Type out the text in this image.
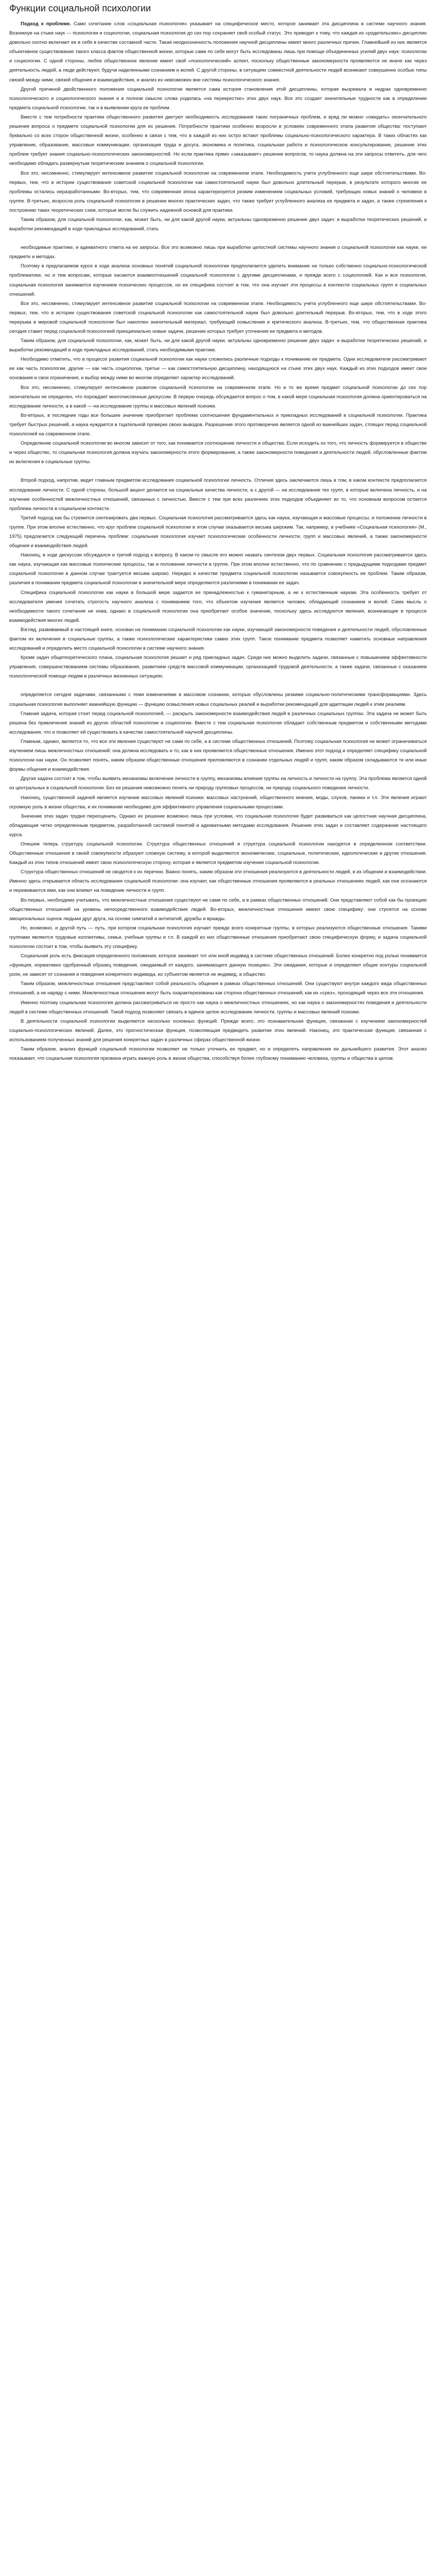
Функции социальной психологии

Подход к проблеме. Само сочетание слов «социальная психология» указывает на специфическое место, которое занимает эта дисциплина в системе научного знания. Возникнув на стыке наук — психологии и социологии, социальная психология до сих пор сохраняет свой особый статус. Это приводит к тому, что каждая из «родительских» дисциплин довольно охотно включает ее в себя в качестве составной части. Такая неоднозначность положения научной дисциплины имеет много различных причин. Главнейшей из них является объективное существование такого класса фактов общественной жизни, которые сами по себе могут быть исследованы лишь при помощи объединенных усилий двух наук: психологии и социологии. С одной стороны, любое общественное явление имеет свой «психологический» аспект, поскольку общественные закономерности проявляются не иначе как через деятельность людей, а люди действуют, будучи наделенными сознанием и волей. С другой стороны, в ситуациях совместной деятельности людей возникают совершенно особые типы связей между ними, связей общения и взаимодействия, и анализ их невозможен вне системы психологического знания.

Другой причиной двойственного положения социальной психологии является сама история становления этой дисциплины, которая вызревала в недрах одновременно психологического и социологического знания и в полном смысле слова родилась «на перекрестке» этих двух наук. Все это создает значительные трудности как в определении предмета социальной психологии, так и в выявлении круга ее проблем.

Вместе с тем потребности практики общественного развития диктуют необходимость исследования таких пограничных проблем, и вряд ли можно «ожидать» окончательного решения вопроса о предмете социальной психологии для их решения. Потребности практики особенно возросли в условиях современного этапа развития общества: поступают буквально со всех сторон общественной жизни, особенно в связи с тем, что в каждой из них остро встают проблемы социально-психологического характера. В таких областях как управление, образование, массовые коммуникации, организация труда и досуга, экономика и политика, социальная работа и психологическое консультирование, решение этих проблем требует знания социально-психологических закономерностей. Но если практика прямо «заказывает» решение вопросов, то наука должна на эти запросы ответить, для чего необходимо обладать развернутым теоретическим знанием о социальной психологии.

Все это, несомненно, стимулирует интенсивное развитие социальной психологии на современном этапе. Необходимость учета углубленного еще шире обстоятельствами. Во-первых, тем, что в истории существования советской социальной психологии как самостоятельной науки был довольно длительный перерыв, в результате которого многие ее проблемы остались неразработанными. Во-вторых, тем, что современная эпоха характеризуется резким изменением социальных условий, требующих новых знаний о человеке в группе. В-третьих, возросла роль социальной психологии в решении многих практических задач, что также требует углубленного анализа ее предмета и задач, а также стремления к построению таких теоретических схем, которые могли бы служить надежной основой для практики.

Таким образом, для социальной психологии, как, может быть, ни для какой другой науки, актуальны одновременно решение двух задач: и выработки теоретических решений, и выработки рекомендаций в ходе прикладных исследований, стать

необходимые практике, и адекватного ответа на ее запросы. Все это возможно лишь при выработке целостной системы научного знания о социальной психологии как науке, ее предмете и методах.

Поэтому в предлагаемом курсе в ходе анализа основных понятий социальной психологии предполагается уделить внимание не только собственно социально-психологической проблематике, но и тем вопросам, которые касаются взаимоотношений социальной психологии с другими дисциплинами, и прежде всего с социологией. Как и вся психология, социальная психология занимается изучением психических процессов, но ее специфика состоит в том, что она изучает эти процессы в контексте социальных групп и социальных отношений.

Все это, несомненно, стимулирует интенсивное развитие социальной психологии на современном этапе. Необходимость учета углубленного еще шире обстоятельствами. Во-первых, тем, что в истории существования советской социальной психологии как самостоятельной науки был довольно длительный перерыв. Во-вторых, тем, что в ходе этого перерыва в мировой социальной психологии был накоплен значительный материал, требующий осмысления и критического анализа. В-третьих, тем, что общественная практика сегодня ставит перед социальной психологией принципиально новые задачи, решение которых требует уточнения ее предмета и методов.

Таким образом, для социальной психологии, как, может быть, ни для какой другой науки, актуальны одновременно решение двух задач: и выработки теоретических решений, и выработки рекомендаций в ходе прикладных исследований, стать необходимыми практике.

Необходимо отметить, что в процессе развития социальной психологии как науки сложились различные подходы к пониманию ее предмета. Одни исследователи рассматривают ее как часть психологии, другие — как часть социологии, третьи — как самостоятельную дисциплину, находящуюся на стыке этих двух наук. Каждый из этих подходов имеет свои основания и свои ограничения, и выбор между ними во многом определяет характер исследований.

Все это, несомненно, стимулирует интенсивное развитие социальной психологии на современном этапе. Но в то же время предмет социальной психологии до сих пор окончательно не определен, что порождает многочисленные дискуссии. В первую очередь обсуждается вопрос о том, в какой мере социальная психология должна ориентироваться на исследование личности, а в какой — на исследование группы и массовых явлений психики.

Во-вторых, в последние годы все большее значение приобретает проблема соотношения фундаментальных и прикладных исследований в социальной психологии. Практика требует быстрых решений, а наука нуждается в тщательной проверке своих выводов. Разрешение этого противоречия является одной из важнейших задач, стоящих перед социальной психологией на современном этапе.

Определение социальной психологии во многом зависит от того, как понимается соотношение личности и общества. Если исходить из того, что личность формируется в обществе и через общество, то социальная психология должна изучать закономерности этого формирования, а также закономерности поведения и деятельности людей, обусловленные фактом их включения в социальные группы.

Второй подход, напротив, видит главным предметом исследования социальной психологии личность. Отличия здесь заключаются лишь в том, в каком контексте предполагается исследование личности. С одной стороны, большой акцент делается на социальные качества личности, а с другой — на исследование тех групп, в которые включена личность, и на изучение особенностей межличностных отношений, связанных с личностью. Вместе с тем при всех различиях этих подходов объединяет их то, что основным вопросом остается проблема личности в социальном контексте.

Третий подход как бы стремится синтезировать два первых. Социальная психология рассматривается здесь как наука, изучающая и массовые процессы, и положение личности в группе. При этом вполне естественно, что круг проблем социальной психологии в этом случае оказывается весьма широким. Так, например, в учебнике «Социальная психология» (М., 1975) предлагается следующий перечень проблем: социальная психология изучает психологические особенности личности, групп и массовых явлений, а также закономерности общения и взаимодействия людей.

Наконец, в ходе дискуссии обсуждался и третий подход к вопросу. В каком-то смысле его можно назвать синтезом двух первых. Социальная психология рассматривается здесь как наука, изучающая как массовые психические процессы, так и положение личности в группе. При этом вполне естественно, что по сравнению с предыдущими подходами предмет социальной психологии в данном случае трактуется весьма широко. Нередко в качестве предмета социальной психологии называется совокупность ее проблем. Таким образом, различия в понимании предмета социальной психологии в значительной мере определяются различиями в понимании ее задач.

Специфика социальной психологии как науки в большой мере задается ее принадлежностью к гуманитарным, а не к естественным наукам. Эта особенность требует от исследователя умения сочетать строгость научного анализа с пониманием того, что объектом изучения является человек, обладающий сознанием и волей. Сама мысль о необходимости такого сочетания не нова, однако в социальной психологии она приобретает особое значение, поскольку здесь исследуются явления, возникающие в процессе взаимодействия многих людей.

Взгляд, развиваемый в настоящей книге, основан на понимании социальной психологии как науки, изучающей закономерности поведения и деятельности людей, обусловленные фактом их включения в социальные группы, а также психологические характеристики самих этих групп. Такое понимание предмета позволяет наметить основные направления исследований и определить место социальной психологии в системе научного знания.

Кроме задач общетеоретического плана, социальная психология решает и ряд прикладных задач. Среди них можно выделить задачи, связанные с повышением эффективности управления, совершенствованием системы образования, развитием средств массовой коммуникации, организацией трудовой деятельности, а также задачи, связанные с оказанием психологической помощи людям в различных жизненных ситуациях.

определяется сегодня задачами, связанными с теми изменениями в массовом сознании, которые обусловлены резкими социально-политическими трансформациями. Здесь социальная психология выполняет важнейшую функцию — функцию осмысления новых социальных реалий и выработки рекомендаций для адаптации людей к этим реалиям.

Главная задача, которая стоит перед социальной психологией, — раскрыть закономерности взаимодействия людей в различных социальных группах. Эта задача не может быть решена без привлечения знаний из других областей психологии и социологии. Вместе с тем социальная психология обладает собственным предметом и собственными методами исследования, что и позволяет ей существовать в качестве самостоятельной научной дисциплины.

Главным, однако, является то, что все эти явления существуют не сами по себе, а в системе общественных отношений. Поэтому социальная психология не может ограничиваться изучением лишь межличностных отношений: она должна исследовать и то, как в них проявляются общественные отношения. Именно этот подход и определяет специфику социальной психологии как науки. Он позволяет понять, каким образом общественные отношения преломляются в сознании отдельных людей и групп, каким образом складываются те или иные формы общения и взаимодействия.

Другая задача состоит в том, чтобы выявить механизмы включения личности в группу, механизмы влияния группы на личность и личности на группу. Эта проблема является одной из центральных в социальной психологии. Без ее решения невозможно понять ни природу групповых процессов, ни природу социального поведения личности.

Наконец, существенной задачей является изучение массовых явлений психики: массовых настроений, общественного мнения, моды, слухов, паники и т.п. Эти явления играют огромную роль в жизни общества, и их понимание необходимо для эффективного управления социальными процессами.

Значение этих задач трудно переоценить. Однако их решение возможно лишь при условии, что социальная психология будет развиваться как целостная научная дисциплина, обладающая четко определенным предметом, разработанной системой понятий и адекватными методами исследования. Решение этих задач и составляет содержание настоящего курса.

Опишем теперь структуру социальной психологии. Структура общественных отношений и структура социальной психологии находятся в определенном соответствии. Общественные отношения в своей совокупности образуют сложную систему, в которой выделяются экономические, социальные, политические, идеологические и другие отношения. Каждый из этих типов отношений имеет свою психологическую сторону, которая и является предметом изучения социальной психологии.

Структура общественных отношений не сводится к их перечню. Важно понять, каким образом эти отношения реализуются в деятельности людей, в их общении и взаимодействии. Именно здесь открывается область исследования социальной психологии: она изучает, как общественные отношения проявляются в реальных отношениях людей, как они осознаются и переживаются ими, как они влияют на поведение личности и групп.

Во-первых, необходимо учитывать, что межличностные отношения существуют не сами по себе, а в рамках общественных отношений. Они представляют собой как бы проекцию общественных отношений на уровень непосредственного взаимодействия людей. Во-вторых, межличностные отношения имеют свою специфику: они строятся на основе эмоциональных оценок людьми друг друга, на основе симпатий и антипатий, дружбы и вражды.

Но, возможно, и другой путь — путь, при котором социальная психология изучает прежде всего конкретные группы, в которых реализуются общественные отношения. Такими группами являются трудовые коллективы, семьи, учебные группы и т.п. В каждой из них общественные отношения приобретают свою специфическую форму, и задача социальной психологии состоит в том, чтобы выявить эту специфику.

Социальная роль есть фиксация определенного положения, которое занимает тот или иной индивид в системе общественных отношений. Более конкретно под ролью понимается «функция, нормативно одобренный образец поведения, ожидаемый от каждого, занимающего данную позицию». Эти ожидания, которые и определяют общие контуры социальной роли, не зависят от сознания и поведения конкретного индивида, их субъектом является не индивид, а общество.

Таким образом, межличностные отношения представляют собой реальность общения в рамках общественных отношений. Они существуют внутри каждого вида общественных отношений, а не наряду с ними. Межличностные отношения могут быть охарактеризованы как сторона общественных отношений, как их «срез», проходящий через все эти отношения.

Именно поэтому социальная психология должна рассматриваться не просто как наука о межличностных отношениях, но как наука о закономерностях поведения и деятельности людей в системе общественных отношений. Такой подход позволяет связать в единое целое исследование личности, группы и массовых явлений психики.

В деятельности социальной психологии выделяется несколько основных функций. Прежде всего, это познавательная функция, связанная с изучением закономерностей социально-психологических явлений. Далее, это прогностическая функция, позволяющая предвидеть развитие этих явлений. Наконец, это практическая функция, связанная с использованием полученных знаний для решения конкретных задач в различных сферах общественной жизни.

Таким образом, анализ функций социальной психологии позволяет не только уточнить ее предмет, но и определить направления ее дальнейшего развития. Этот анализ показывает, что социальная психология призвана играть важную роль в жизни общества, способствуя более глубокому пониманию человека, группы и общества в целом.
